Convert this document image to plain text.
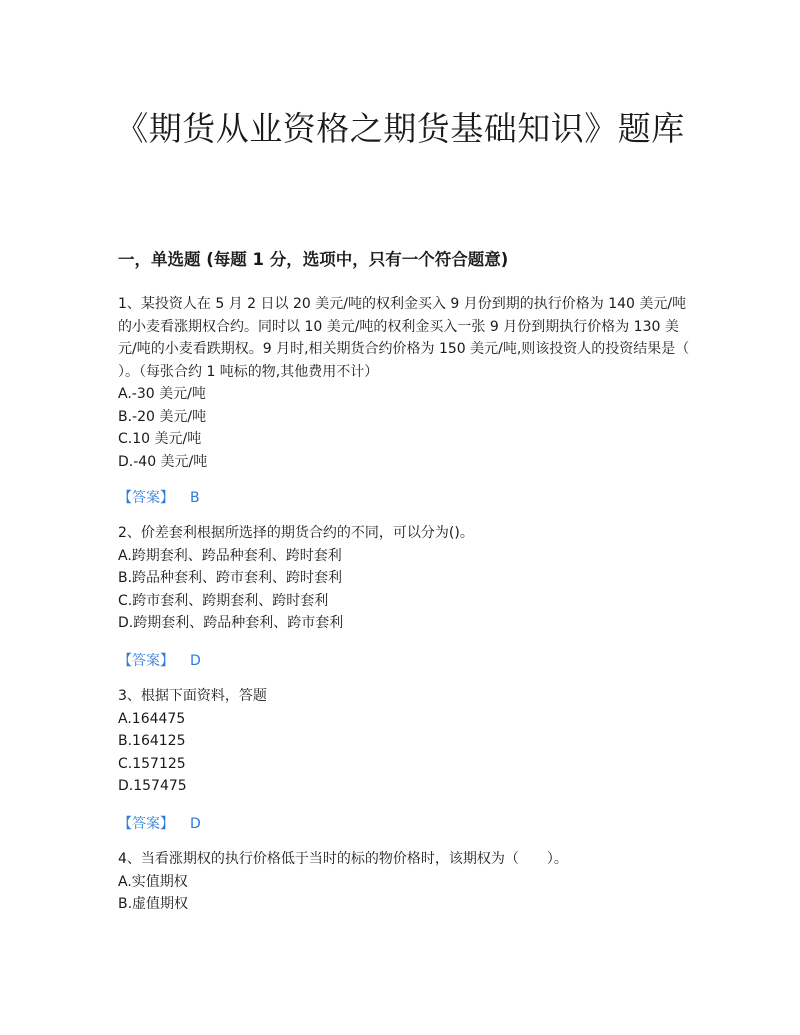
《期货从业资格之期货基础知识》题库
一，单选题 (每题 1 分，选项中，只有一个符合题意)

1、某投资人在 5 月 2 日以 20 美元/吨的权利金买入 9 月份到期的执行价格为 140 美元/吨的小麦看涨期权合约。同时以 10 美元/吨的权利金买入一张 9 月份到期执行价格为 130 美元/吨的小麦看跌期权。9 月时,相关期货合约价格为 150 美元/吨,则该投资人的投资结果是（ ）。（每张合约 1 吨标的物,其他费用不计）

A.-30 美元/吨

B.-20 美元/吨

C.10 美元/吨

D.-40 美元/吨

【答案】 B

2、价差套利根据所选择的期货合约的不同，可以分为()。

A.跨期套利、跨品种套利、跨时套利

B.跨品种套利、跨市套利、跨时套利

C.跨市套利、跨期套利、跨时套利

D.跨期套利、跨品种套利、跨市套利

【答案】 D

3、根据下面资料，答题

A.164475

B.164125

C.157125

D.157475

【答案】 D

4、当看涨期权的执行价格低于当时的标的物价格时，该期权为（　　）。

A.实值期权

B.虚值期权
